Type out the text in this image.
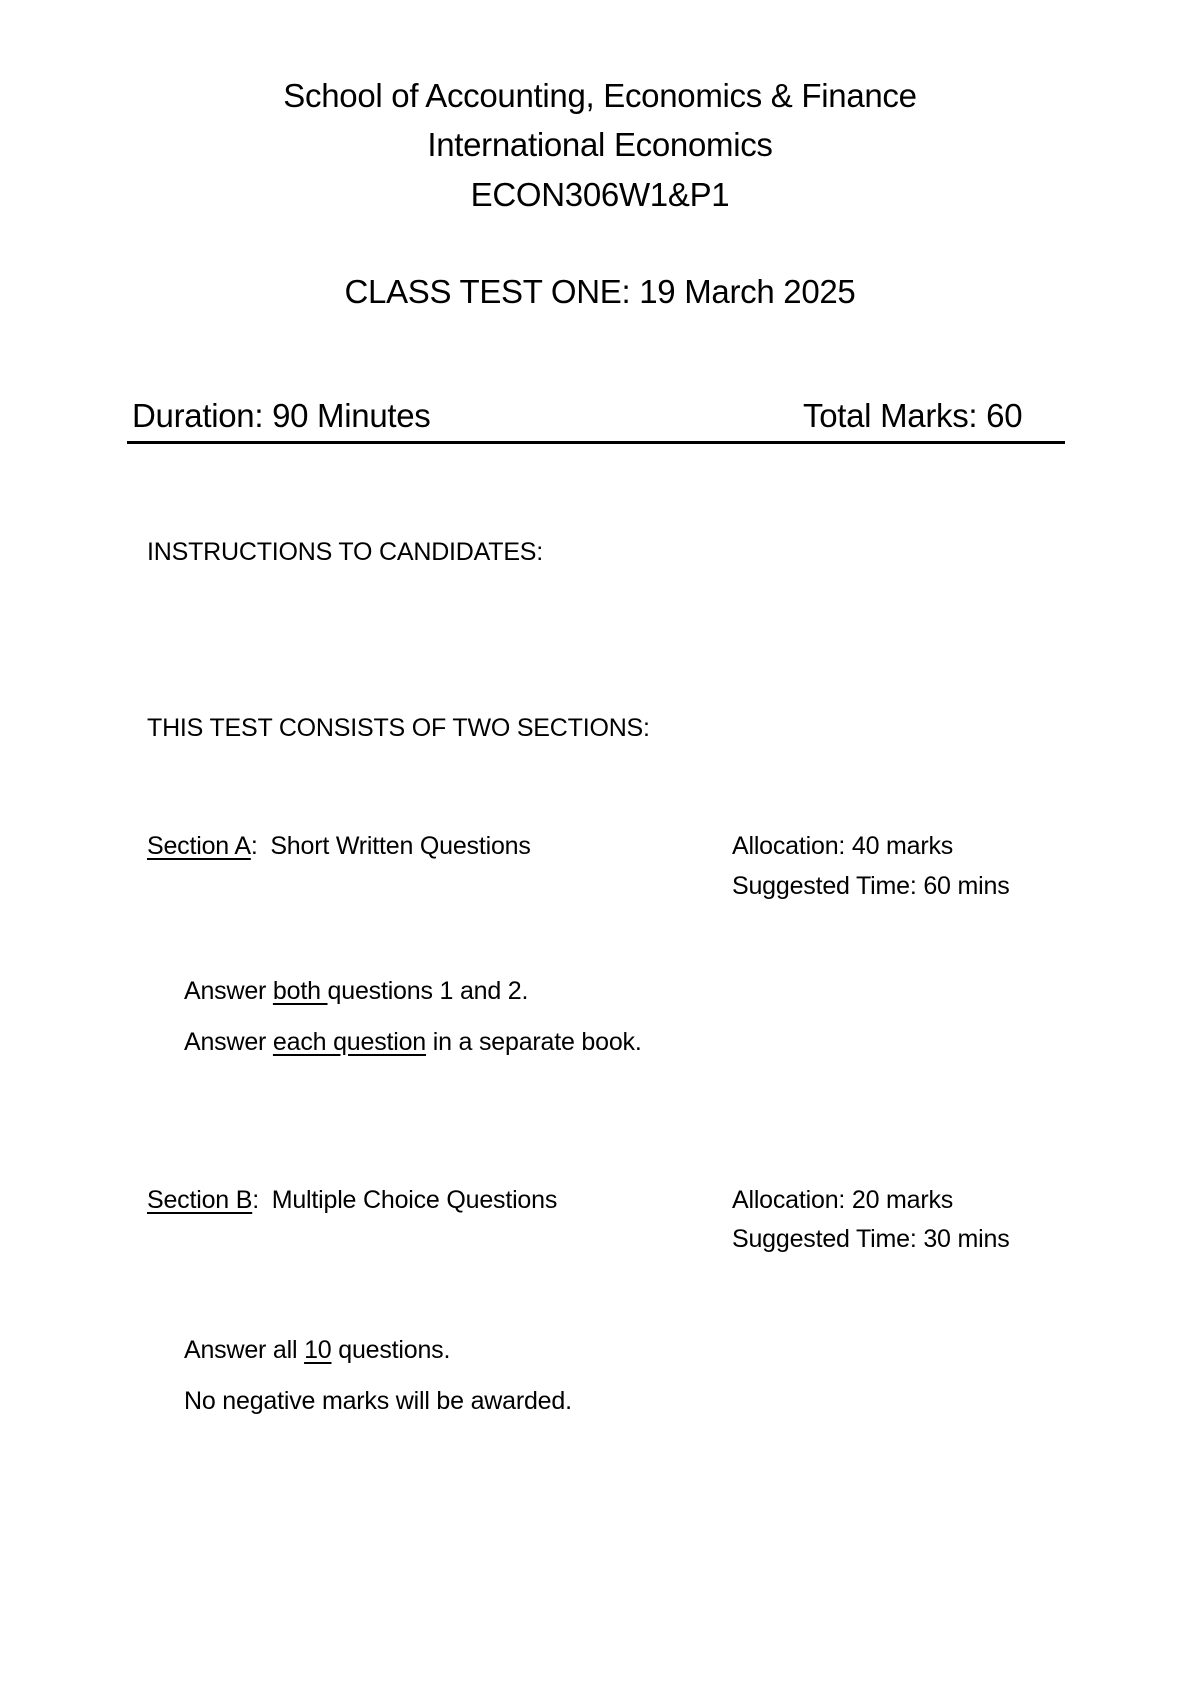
School of Accounting, Economics & Finance
International Economics
ECON306W1&P1
CLASS TEST ONE: 19 March 2025
Duration: 90 Minutes	Total Marks: 60
INSTRUCTIONS TO CANDIDATES:
THIS TEST CONSISTS OF TWO SECTIONS:
Section A: Short Written Questions	Allocation: 40 marks
Suggested Time: 60 mins
Answer both questions 1 and 2.
Answer each question in a separate book.
Section B: Multiple Choice Questions	Allocation: 20 marks
Suggested Time: 30 mins
Answer all 10 questions.
No negative marks will be awarded.
